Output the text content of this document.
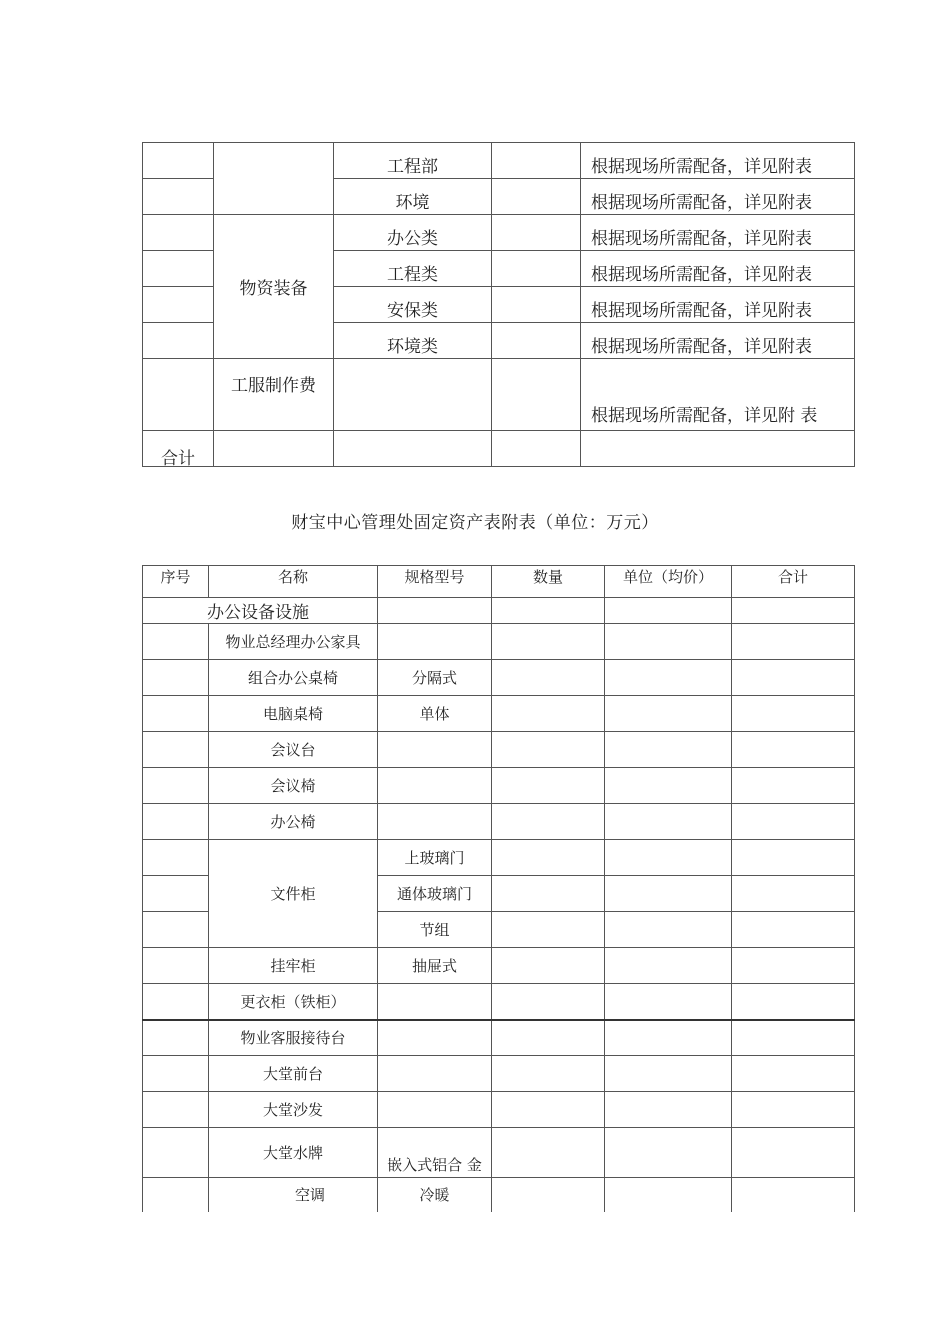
		工程部		根据现场所需配备，详见附表
		环境		根据现场所需配备，详见附表
	物资装备	办公类		根据现场所需配备，详见附表
		工程类		根据现场所需配备，详见附表
		安保类		根据现场所需配备，详见附表
		环境类		根据现场所需配备，详见附表
	工服制作费			根据现场所需配备，详见附 表
合计				
财宝中心管理处固定资产表附表（单位：万元）
序号	名称	规格型号	数量	单位（均价）	合计
办公设备设施					
	物业总经理办公家具				
	组合办公桌椅	分隔式			
	电脑桌椅	单体			
	会议台				
	会议椅				
	办公椅				
	文件柜	上玻璃门			
		通体玻璃门			
		节组			
	挂牢柜	抽屉式			
	更衣柜（铁柜）				
	物业客服接待台				
	大堂前台				
	大堂沙发				
	大堂水牌	嵌入式铝合 金			
	空调	冷暖			
